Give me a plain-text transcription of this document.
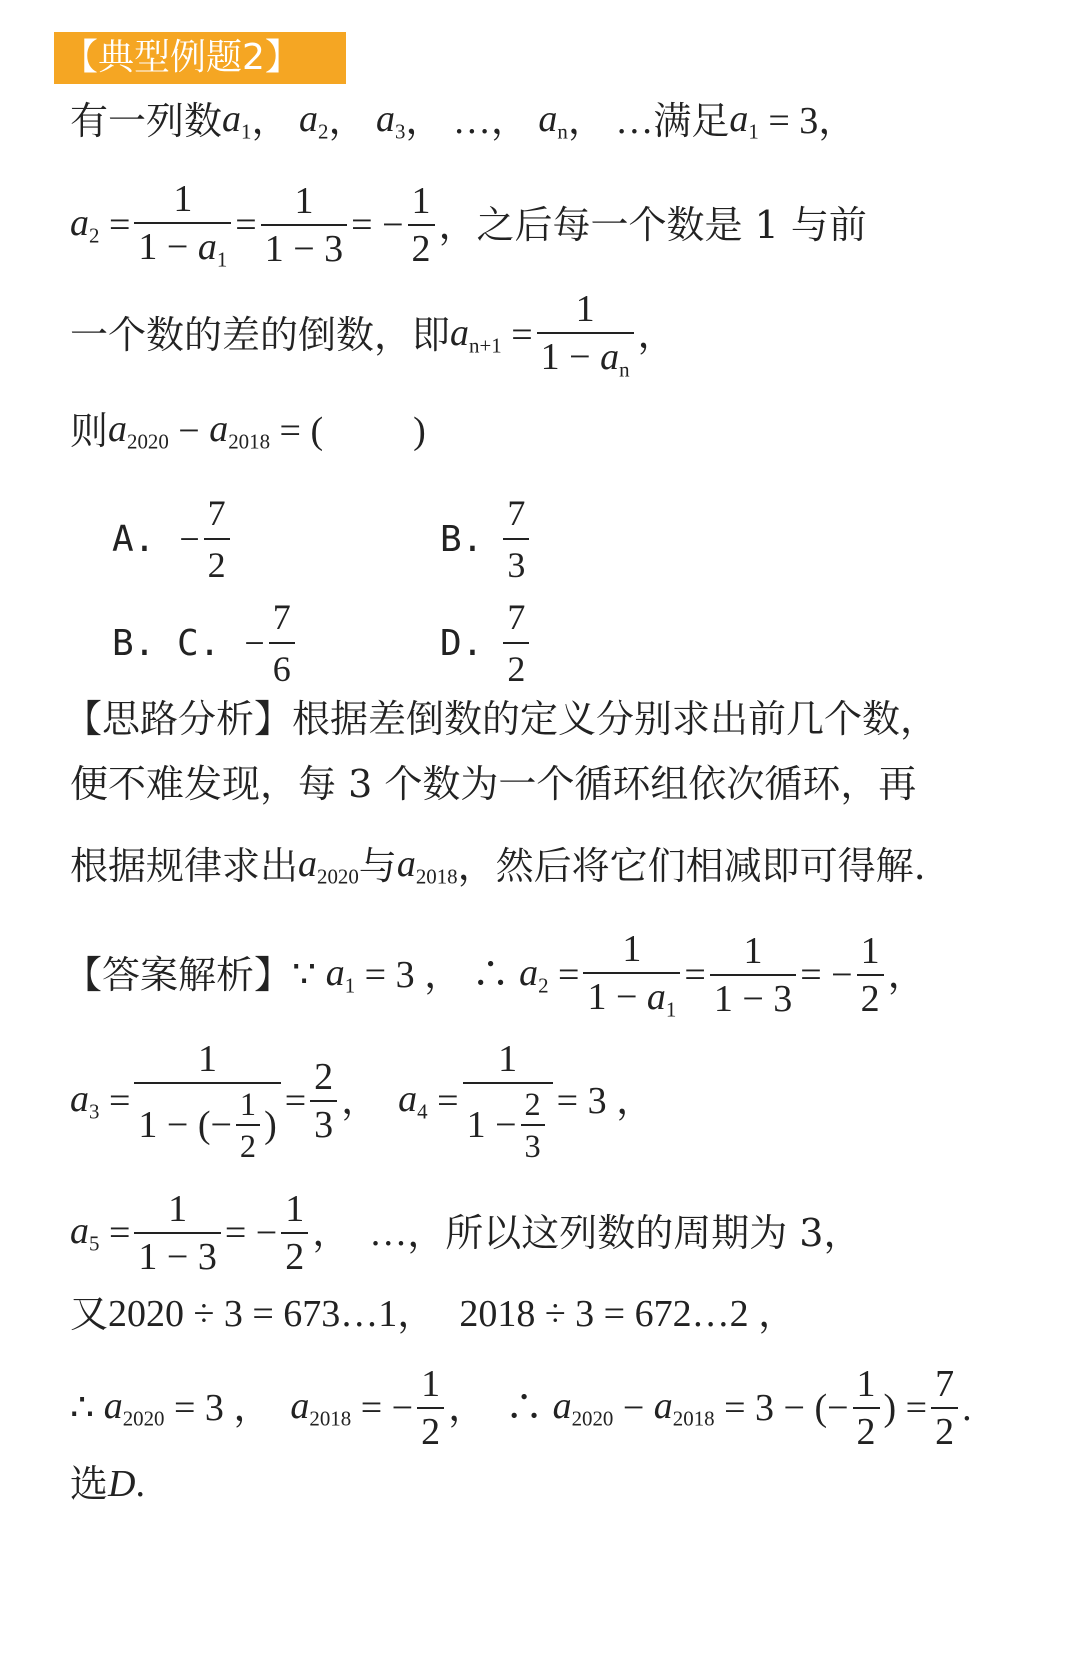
【典型例题2】
有一列数 $a_1$ ， $a_2$ ， $a_3$ ， …， $a_n$ ， … 满足 $a_1 = 3$，
$a_2 = \frac{1}{1 - a_1} = \frac{1}{1 - 3}$ = − $\frac{1}{2}$ ，之后每一个数是 1 与前
一个数的差的倒数，即 $a_{n+1} = \frac{1}{1 - a_n}$ ，
则 $a_{2020} - a_{2018}$ = ( )
A. − $\frac{7}{2}$	B. $\frac{7}{3}$
B. C. − $\frac{7}{6}$	D. $\frac{7}{2}$
【思路分析】 根据差倒数的定义分别求出前几个数，
便不难发现，每 3 个数为一个循环组依次循环，再
根据规律求出 $a_{2020}$ 与 $a_{2018}$ ，然后将它们相减即可得解.
【答案解析】 ∵ $a_1 = 3$ ， ∴ $a_2 = \frac{1}{1 - a_1} = \frac{1}{1 - 3}$ = − $\frac{1}{2}$ ，
$a_3 = \frac{1}{1 - (- \frac{1}{2} )} = \frac{2}{3}$ ， $a_4 = \frac{1}{1 - \frac{2}{3}} = 3$ ，
$a_5 = \frac{1}{1 - 3}$ = − $\frac{1}{2}$ ，  … ，所以这列数的周期为 3，
又 2020 ÷ 3 = 673…1， 2018 ÷ 3 = 672…2 ，
∴ $a_{2020} = 3$ ， $a_{2018}$ = − $\frac{1}{2}$ ，  ∴ $a_{2020} - a_{2018} = 3$ − (− $\frac{1}{2}$ ) = $\frac{7}{2}$ .
选 D .
